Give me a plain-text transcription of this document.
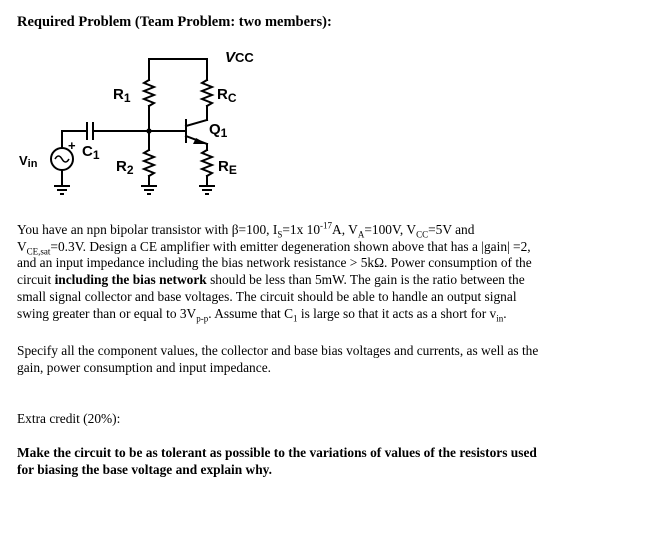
Required Problem (Team Problem: two members):
VCC
$R_1$	$R_C$
$Q_1$
$C_1$
+
$R_2$	$R_E$
Vin
You have an npn bipolar transistor with β=100, $I_S=1x$ $10^{-17}A$, $V_A=100V$, $V_{CC}=5V$ and
$V_{CE,sat}=0.3V$. Design a CE amplifier with emitter degeneration shown above that has a |gain| =2,
and an input impedance including the bias network resistance > 5kΩ. Power consumption of the
circuit including the bias network should be less than 5mW. The gain is the ratio between the
small signal collector and base voltages. The circuit should be able to handle an output signal
swing greater than or equal to $3V_{p-p}$. Assume that $C_1$ is large so that it acts as a short for $v_{in}$.
Specify all the component values, the collector and base bias voltages and currents, as well as the
gain, power consumption and input impedance.
Extra credit (20%):
Make the circuit to be as tolerant as possible to the variations of values of the resistors used
for biasing the base voltage and explain why.
